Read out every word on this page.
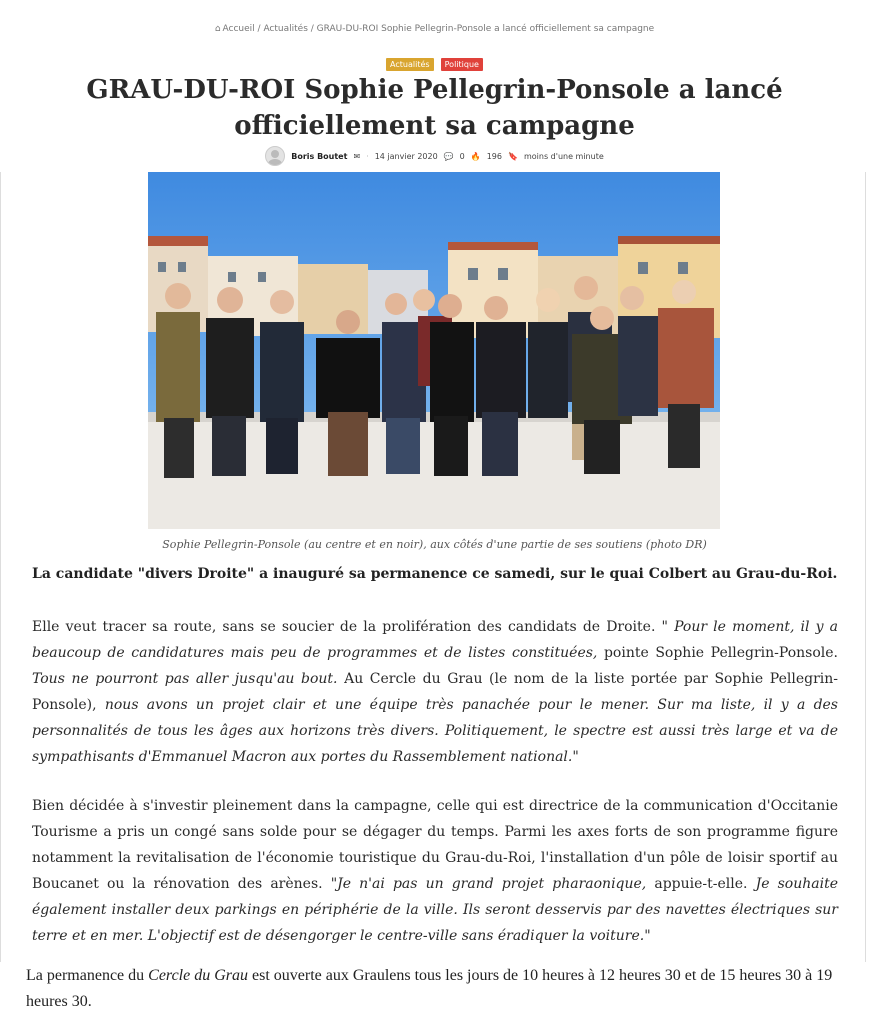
⌂ Accueil / Actualités / GRAU-DU-ROI Sophie Pellegrin-Ponsole a lancé officiellement sa campagne
Actualités Politique
GRAU-DU-ROI Sophie Pellegrin-Ponsole a lancé officiellement sa campagne
Boris Boutet ✉ · 14 janvier 2020 💬 0 🔥 196 🔖 moins d'une minute
Sophie Pellegrin-Ponsole (au centre et en noir), aux côtés d'une partie de ses soutiens (photo DR)

La candidate "divers Droite" a inauguré sa permanence ce samedi, sur le quai Colbert au Grau-du-Roi.

Elle veut tracer sa route, sans se soucier de la prolifération des candidats de Droite. " Pour le moment, il y a beaucoup de candidatures mais peu de programmes et de listes constituées, pointe Sophie Pellegrin-Ponsole. Tous ne pourront pas aller jusqu'au bout. Au Cercle du Grau (le nom de la liste portée par Sophie Pellegrin-Ponsole), nous avons un projet clair et une équipe très panachée pour le mener. Sur ma liste, il y a des personnalités de tous les âges aux horizons très divers. Politiquement, le spectre est aussi très large et va de sympathisants d'Emmanuel Macron aux portes du Rassemblement national."

Bien décidée à s'investir pleinement dans la campagne, celle qui est directrice de la communication d'Occitanie Tourisme a pris un congé sans solde pour se dégager du temps. Parmi les axes forts de son programme figure notamment la revitalisation de l'économie touristique du Grau-du-Roi, l'installation d'un pôle de loisir sportif au Boucanet ou la rénovation des arènes. "Je n'ai pas un grand projet pharaonique, appuie-t-elle. Je souhaite également installer deux parkings en périphérie de la ville. Ils seront desservis par des navettes électriques sur terre et en mer. L'objectif est de désengorger le centre-ville sans éradiquer la voiture."

La permanence du Cercle du Grau est ouverte aux Graulens tous les jours de 10 heures à 12 heures 30 et de 15 heures 30 à 19 heures 30.
